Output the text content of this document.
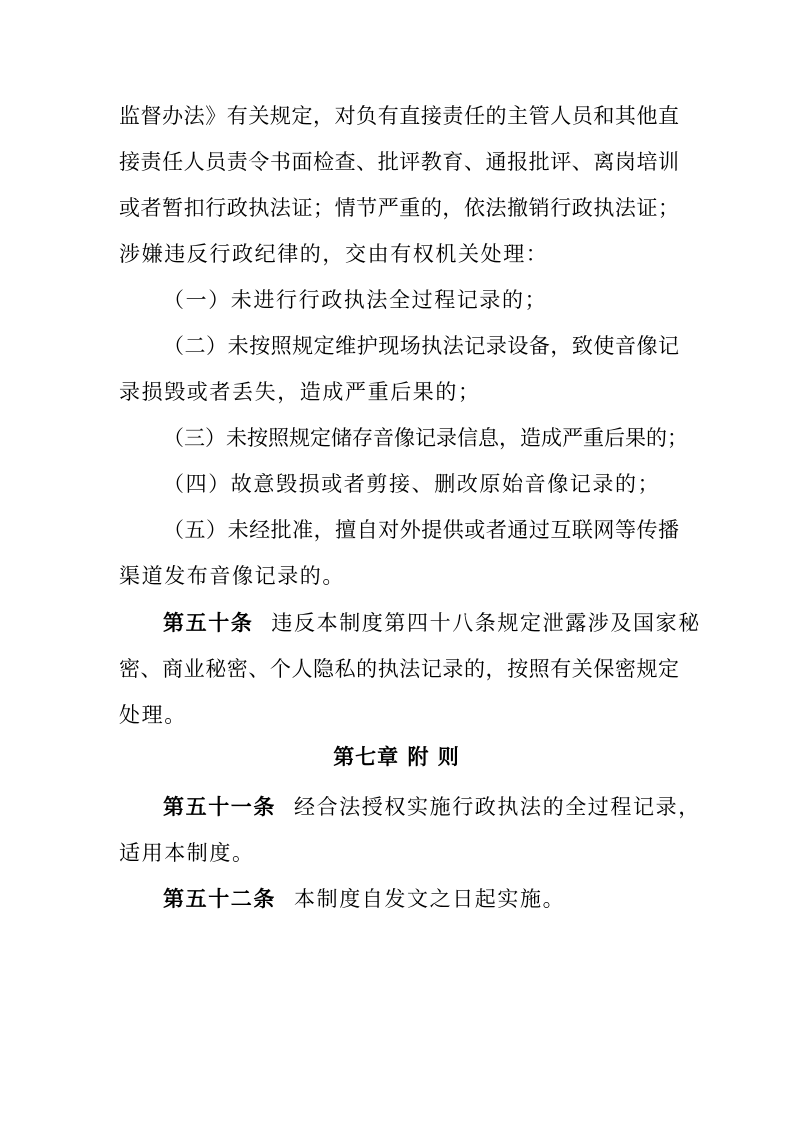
监督办法》有关规定，对负有直接责任的主管人员和其他直
接责任人员责令书面检查、批评教育、通报批评、离岗培训
或者暂扣行政执法证；情节严重的，依法撤销行政执法证；
涉嫌违反行政纪律的，交由有权机关处理：
（一）未进行行政执法全过程记录的；
（二）未按照规定维护现场执法记录设备，致使音像记
录损毁或者丢失，造成严重后果的；
（三）未按照规定储存音像记录信息，造成严重后果的；
（四）故意毁损或者剪接、删改原始音像记录的；
（五）未经批准，擅自对外提供或者通过互联网等传播
渠道发布音像记录的。
第五十条 违反本制度第四十八条规定泄露涉及国家秘
密、商业秘密、个人隐私的执法记录的，按照有关保密规定
处理。
第七章 附 则
第五十一条 经合法授权实施行政执法的全过程记录，
适用本制度。
第五十二条 本制度自发文之日起实施。
